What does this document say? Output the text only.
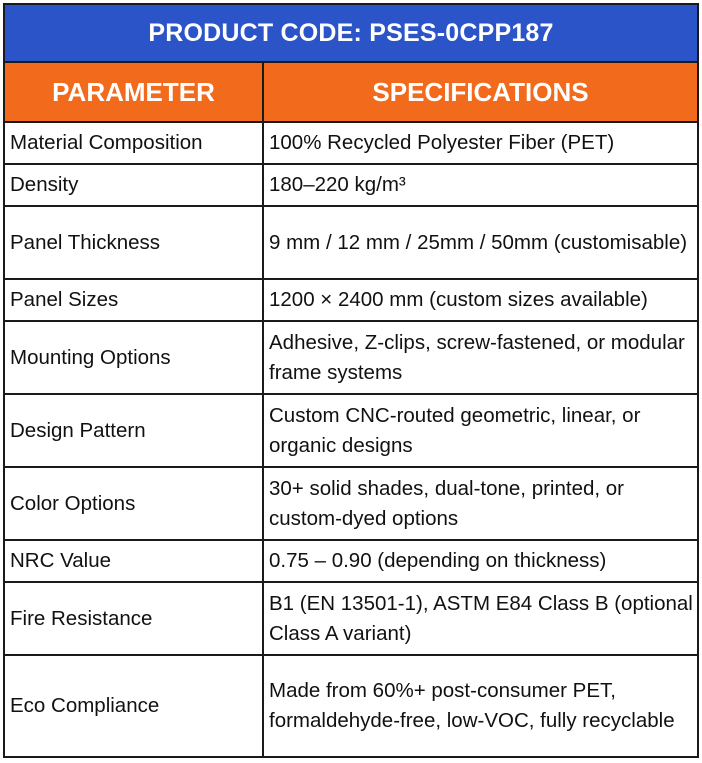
PRODUCT CODE: PSES-0CPP187	
PARAMETER	SPECIFICATIONS
Material Composition	100% Recycled Polyester Fiber (PET)
Density	180–220 kg/m³
Panel Thickness	9 mm / 12 mm / 25mm / 50mm (customisable)
Panel Sizes	1200 × 2400 mm (custom sizes available)
Mounting Options	Adhesive, Z-clips, screw-fastened, or modular frame systems
Design Pattern	Custom CNC-routed geometric, linear, or organic designs
Color Options	30+ solid shades, dual-tone, printed, or custom-dyed options
NRC Value	0.75 – 0.90 (depending on thickness)
Fire Resistance	B1 (EN 13501-1), ASTM E84 Class B (optional Class A variant)
Eco Compliance	Made from 60%+ post-consumer PET, formaldehyde-free, low-VOC, fully recyclable
